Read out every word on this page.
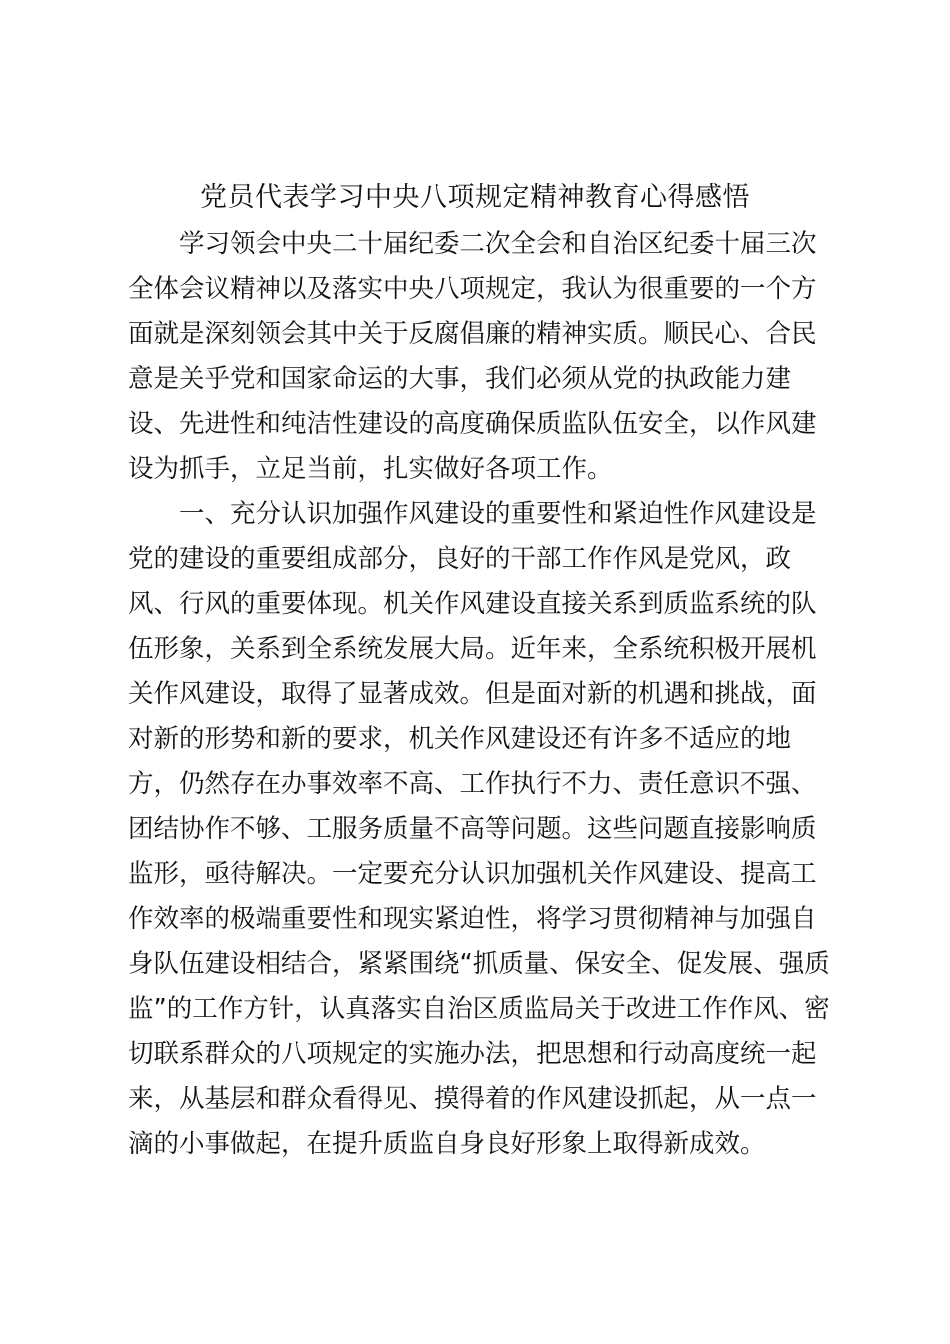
党员代表学习中央八项规定精神教育心得感悟
学习领会中央二十届纪委二次全会和自治区纪委十届三次
全体会议精神以及落实中央八项规定，我认为很重要的一个方
面就是深刻领会其中关于反腐倡廉的精神实质。顺民心、合民
意是关乎党和国家命运的大事，我们必须从党的执政能力建
设、先进性和纯洁性建设的高度确保质监队伍安全，以作风建
设为抓手，立足当前，扎实做好各项工作。
一、充分认识加强作风建设的重要性和紧迫性作风建设是
党的建设的重要组成部分，良好的干部工作作风是党风，政
风、行风的重要体现。机关作风建设直接关系到质监系统的队
伍形象，关系到全系统发展大局。近年来，全系统积极开展机
关作风建设，取得了显著成效。但是面对新的机遇和挑战，面
对新的形势和新的要求，机关作风建设还有许多不适应的地
方，仍然存在办事效率不高、工作执行不力、责任意识不强、
团结协作不够、工服务质量不高等问题。这些问题直接影响质
监形，亟待解决。一定要充分认识加强机关作风建设、提高工
作效率的极端重要性和现实紧迫性，将学习贯彻精神与加强自
身队伍建设相结合，紧紧围绕“抓质量、保安全、促发展、强质
监”的工作方针，认真落实自治区质监局关于改进工作作风、密
切联系群众的八项规定的实施办法，把思想和行动高度统一起
来，从基层和群众看得见、摸得着的作风建设抓起，从一点一
滴的小事做起，在提升质监自身良好形象上取得新成效。
